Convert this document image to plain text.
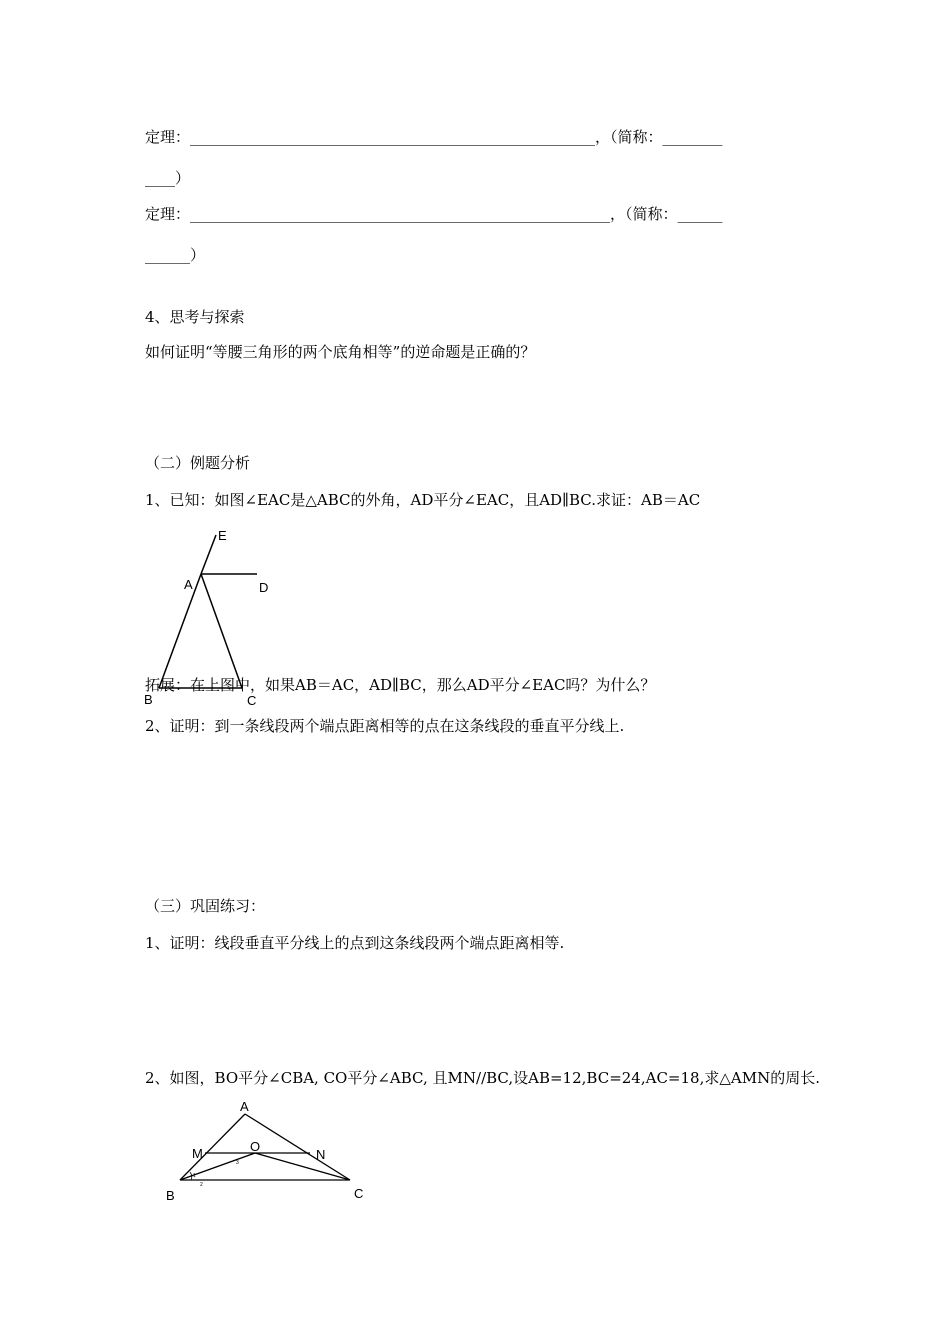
定理：______________________________________________________，（简称：________
____）
定理：________________________________________________________，（简称：______
______）
4、思考与探索
如何证明“等腰三角形的两个底角相等”的逆命题是正确的？
（二）例题分析
1、已知：如图∠EAC是△ABC的外角，AD平分∠EAC，且AD∥BC.求证：AB＝AC
E
A	D
B	C
拓展：在上图中，如果AB＝AC，AD∥BC，那么AD平分∠EAC吗？为什么？
2、证明：到一条线段两个端点距离相等的点在这条线段的垂直平分线上.
（三）巩固练习：
1、证明：线段垂直平分线上的点到这条线段两个端点距离相等.
2、如图，BO平分∠CBA, CO平分∠ABC, 且MN//BC,设AB=12,BC=24,AC=18,求△AMN的周长.
A
M	O
N
B	C
1
2
3
